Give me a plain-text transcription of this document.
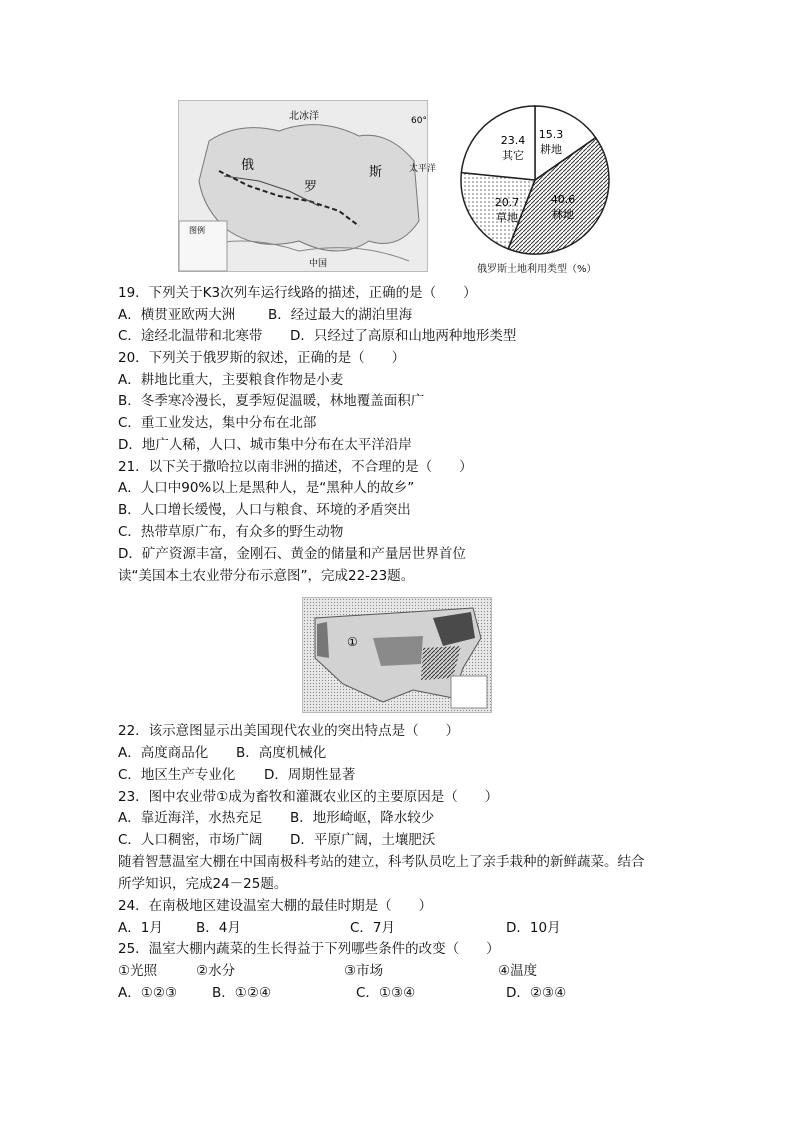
北冰洋
太平洋
60°
俄
罗
斯
中国
图例
15.3
耕地
40.6
林地
20.7
草地
23.4
其它
俄罗斯土地利用类型（%）
19．下列关于K3次列车运行线路的描述，正确的是（　　）
A．横贯亚欧两大洲 B．经过最大的湖泊里海
C．途经北温带和北寒带 D．只经过了高原和山地两种地形类型
20．下列关于俄罗斯的叙述，正确的是（　　）
A．耕地比重大，主要粮食作物是小麦
B．冬季寒冷漫长，夏季短促温暖，林地覆盖面积广
C．重工业发达，集中分布在北部
D．地广人稀，人口、城市集中分布在太平洋沿岸
21．以下关于撒哈拉以南非洲的描述，不合理的是（　　）
A．人口中90%以上是黑种人，是“黑种人的故乡”
B．人口增长缓慢，人口与粮食、环境的矛盾突出
C．热带草原广布，有众多的野生动物
D．矿产资源丰富，金刚石、黄金的储量和产量居世界首位
读“美国本土农业带分布示意图”，完成22-23题。
①
22．该示意图显示出美国现代农业的突出特点是（　　）
A．高度商品化 B．高度机械化
C．地区生产专业化 D．周期性显著
23．图中农业带①成为畜牧和灌溉农业区的主要原因是（　　）
A．靠近海洋，水热充足 B．地形崎岖，降水较少
C．人口稠密，市场广阔 D．平原广阔，土壤肥沃
随着智慧温室大棚在中国南极科考站的建立，科考队员吃上了亲手栽种的新鲜蔬菜。结合
所学知识，完成24－25题。
24．在南极地区建设温室大棚的最佳时期是（　　）
A．1月 B．4月	C．7月	D．10月
25．温室大棚内蔬菜的生长得益于下列哪些条件的改变（　　）
①光照	②水分	③市场	④温度
A．①②③	B．①②④	C．①③④	D．②③④
